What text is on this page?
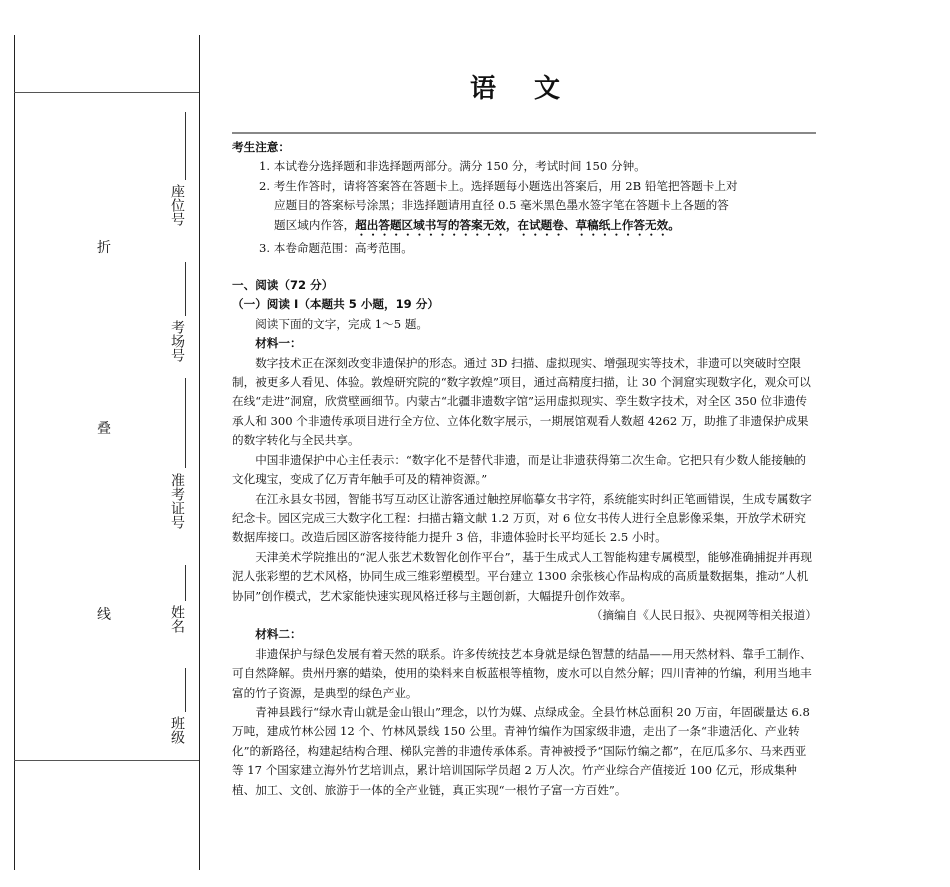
折
叠
线
座位号
考场号
准考证号
姓名
班级
语文

考生注意：

1. 本试卷分选择题和非选择题两部分。满分 150 分，考试时间 150 分钟。

2. 考生作答时，请将答案答在答题卡上。选择题每小题选出答案后，用 2B 铅笔把答题卡上对

应题目的答案标号涂黑；非选择题请用直径 0.5 毫米黑色墨水签字笔在答题卡上各题的答

题区域内作答，超出答题区域书写的答案无效，在试题卷、草稿纸上作答无效。

3. 本卷命题范围：高考范围。

一、阅读（72 分）

（一）阅读 Ⅰ（本题共 5 小题，19 分）

阅读下面的文字，完成 1～5 题。

材料一：

数字技术正在深刻改变非遗保护的形态。通过 3D 扫描、虚拟现实、增强现实等技术，非遗可以突破时空限制，被更多人看见、体验。敦煌研究院的“数字敦煌”项目，通过高精度扫描，让 30 个洞窟实现数字化，观众可以在线“走进”洞窟，欣赏壁画细节。内蒙古“北疆非遗数字馆”运用虚拟现实、孪生数字技术，对全区 350 位非遗传承人和 300 个非遗传承项目进行全方位、立体化数字展示，一期展馆观看人数超 4262 万，助推了非遗保护成果的数字转化与全民共享。

中国非遗保护中心主任表示：“数字化不是替代非遗，而是让非遗获得第二次生命。它把只有少数人能接触的文化瑰宝，变成了亿万青年触手可及的精神资源。”

在江永县女书园，智能书写互动区让游客通过触控屏临摹女书字符，系统能实时纠正笔画错误，生成专属数字纪念卡。园区完成三大数字化工程：扫描古籍文献 1.2 万页，对 6 位女书传人进行全息影像采集，开放学术研究数据库接口。改造后园区游客接待能力提升 3 倍，非遗体验时长平均延长 2.5 小时。

天津美术学院推出的“泥人张艺术数智化创作平台”，基于生成式人工智能构建专属模型，能够准确捕捉并再现泥人张彩塑的艺术风格，协同生成三维彩塑模型。平台建立 1300 余张核心作品构成的高质量数据集，推动“人机协同”创作模式，艺术家能快速实现风格迁移与主题创新，大幅提升创作效率。

（摘编自《人民日报》、央视网等相关报道）

材料二：

非遗保护与绿色发展有着天然的联系。许多传统技艺本身就是绿色智慧的结晶——用天然材料、靠手工制作、可自然降解。贵州丹寨的蜡染，使用的染料来自板蓝根等植物，废水可以自然分解；四川青神的竹编，利用当地丰富的竹子资源，是典型的绿色产业。

青神县践行“绿水青山就是金山银山”理念，以竹为媒、点绿成金。全县竹林总面积 20 万亩，年固碳量达 6.8 万吨，建成竹林公园 12 个、竹林风景线 150 公里。青神竹编作为国家级非遗，走出了一条“非遗活化、产业转化”的新路径，构建起结构合理、梯队完善的非遗传承体系。青神被授予“国际竹编之都”，在厄瓜多尔、马来西亚等 17 个国家建立海外竹艺培训点，累计培训国际学员超 2 万人次。竹产业综合产值接近 100 亿元，形成集种植、加工、文创、旅游于一体的全产业链，真正实现“一根竹子富一方百姓”。
